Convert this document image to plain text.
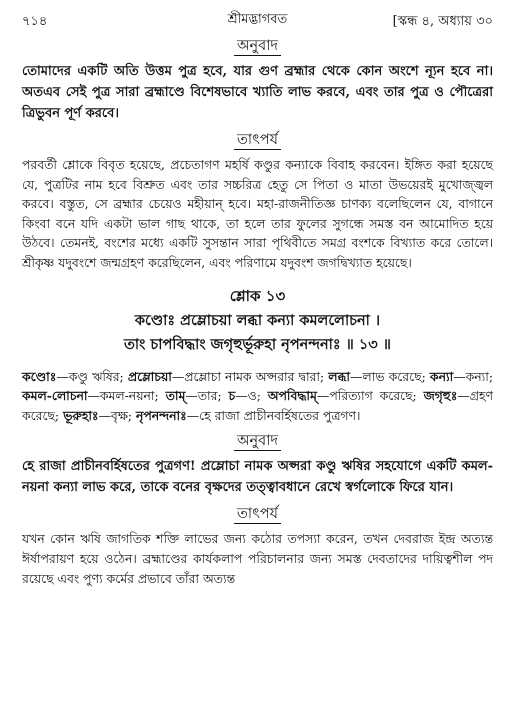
৭১৪	শ্রীমদ্ভাগবত	[স্কন্ধ ৪, অধ্যায় ৩০
অনুবাদ

তোমাদের একটি অতি উত্তম পুত্র হবে, যার গুণ ব্রহ্মার থেকে কোন অংশে ন্যূন হবে না। অতএব সেই পুত্র সারা ব্রহ্মাণ্ডে বিশেষভাবে খ্যাতি লাভ করবে, এবং তার পুত্র ও পৌত্রেরা ত্রিভুবন পূর্ণ করবে।

তাৎপর্য

পরবর্তী শ্লোকে বিবৃত হয়েছে, প্রচেতাগণ মহর্ষি কণ্ডুর কন্যাকে বিবাহ করবেন। ইঙ্গিত করা হয়েছে যে, পুত্রটির নাম হবে বিশ্রুত এবং তার সচ্চরিত্র হেতু সে পিতা ও মাতা উভয়েরই মুখোজ্জ্বল করবে। বস্তুত, সে ব্রহ্মার চেয়েও মহীয়ান্ হবে। মহা-রাজনীতিজ্ঞ চাণক্য বলেছিলেন যে, বাগানে কিংবা বনে যদি একটা ভাল গাছ থাকে, তা হলে তার ফুলের সুগন্ধে সমস্ত বন আমোদিত হয়ে উঠবে। তেমনই, বংশের মধ্যে একটি সুসন্তান সারা পৃথিবীতে সমগ্র বংশকে বিখ্যাত করে তোলে। শ্রীকৃষ্ণ যদুবংশে জন্মগ্রহণ করেছিলেন, এবং পরিণামে যদুবংশ জগদ্বিখ্যাত হয়েছে।

শ্লোক ১৩

কণ্ডোঃ প্রম্লোচয়া লব্ধা কন্যা কমললোচনা ।

তাং চাপবিদ্ধাং জগৃহুর্ভূরুহা নৃপনন্দনাঃ ॥ ১৩ ॥

কণ্ডোঃ—কণ্ডু ঋষির; প্রম্লোচয়া—প্রম্লোচা নামক অপ্সরার দ্বারা; লব্ধা—লাভ করেছে; কন্যা—কন্যা; কমল-লোচনা—কমল-নয়না; তাম্—তার; চ—ও; অপবিদ্ধাম্—পরিত্যাগ করেছে; জগৃহুঃ—গ্রহণ করেছে; ভূরুহাঃ—বৃক্ষ; নৃপনন্দনাঃ—হে রাজা প্রাচীনবর্হিষতের পুত্রগণ।

অনুবাদ

হে রাজা প্রাচীনবর্হিষতের পুত্রগণ! প্রম্লোচা নামক অপ্সরা কণ্ডু ঋষির সহযোগে একটি কমল-নয়না কন্যা লাভ করে, তাকে বনের বৃক্ষদের তত্ত্বাবধানে রেখে স্বর্গলোকে ফিরে যান।

তাৎপর্য

যখন কোন ঋষি জাগতিক শক্তি লাভের জন্য কঠোর তপস্যা করেন, তখন দেবরাজ ইন্দ্র অত্যন্ত ঈর্ষাপরায়ণ হয়ে ওঠেন। ব্রহ্মাণ্ডের কার্যকলাপ পরিচালনার জন্য সমস্ত দেবতাদের দায়িত্বশীল পদ রয়েছে এবং পুণ্য কর্মের প্রভাবে তাঁরা অত্যন্ত
